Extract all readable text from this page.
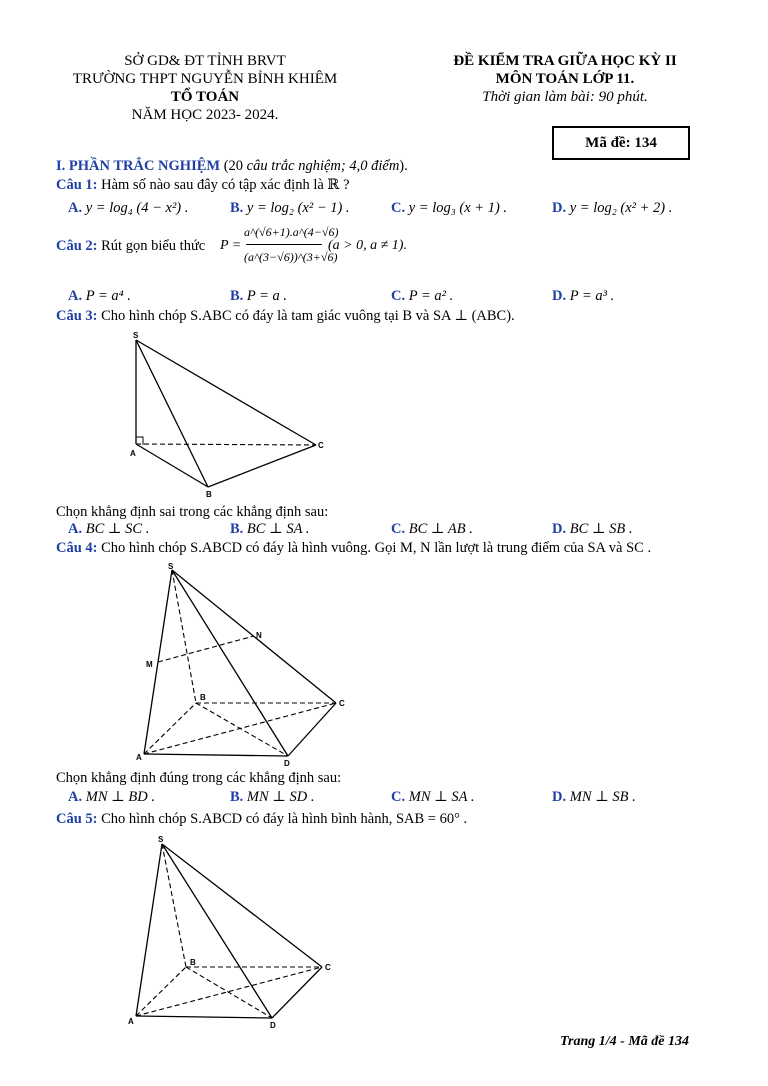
SỞ GD& ĐT TỈNH BRVT
TRƯỜNG THPT NGUYỄN BỈNH KHIÊM
TỔ TOÁN
NĂM HỌC 2023- 2024.
ĐỀ KIỂM TRA GIỮA HỌC KỲ II
MÔN TOÁN LỚP 11.
Thời gian làm bài: 90 phút.
Mã đề: 134
I. PHẦN TRẮC NGHIỆM (20 câu trắc nghiệm; 4,0 điểm).
Câu 1: Hàm số nào sau đây có tập xác định là ℝ ?
A. y = log₄ (4 − x²) .	B. y = log₂ (x² − 1) .	C. y = log₃ (x + 1) .	D. y = log₂ (x² + 2) .
Câu 2: Rút gọn biểu thức P =
a^(√6+1).a^(4−√6)
(a^(3−√6))^(3+√6)
(a > 0, a ≠ 1).
A. P = a⁴ .	B. P = a .	C. P = a² .	D. P = a³ .
Câu 3: Cho hình chóp S.ABC có đáy là tam giác vuông tại B và SA ⊥ (ABC).
S
A
B
C
Chọn khẳng định sai trong các khẳng định sau:
A. BC ⊥ SC .	B. BC ⊥ SA .	C. BC ⊥ AB .	D. BC ⊥ SB .
Câu 4: Cho hình chóp S.ABCD có đáy là hình vuông. Gọi M, N lần lượt là trung điểm của SA và SC .
S
M
N
B
C
A
D
Chọn khẳng định đúng trong các khẳng định sau:
A. MN ⊥ BD .	B. MN ⊥ SD .	C. MN ⊥ SA .	D. MN ⊥ SB .
Câu 5: Cho hình chóp S.ABCD có đáy là hình bình hành, SAB = 60° .
S
B
C
A	D
Trang 1/4 - Mã đề 134
